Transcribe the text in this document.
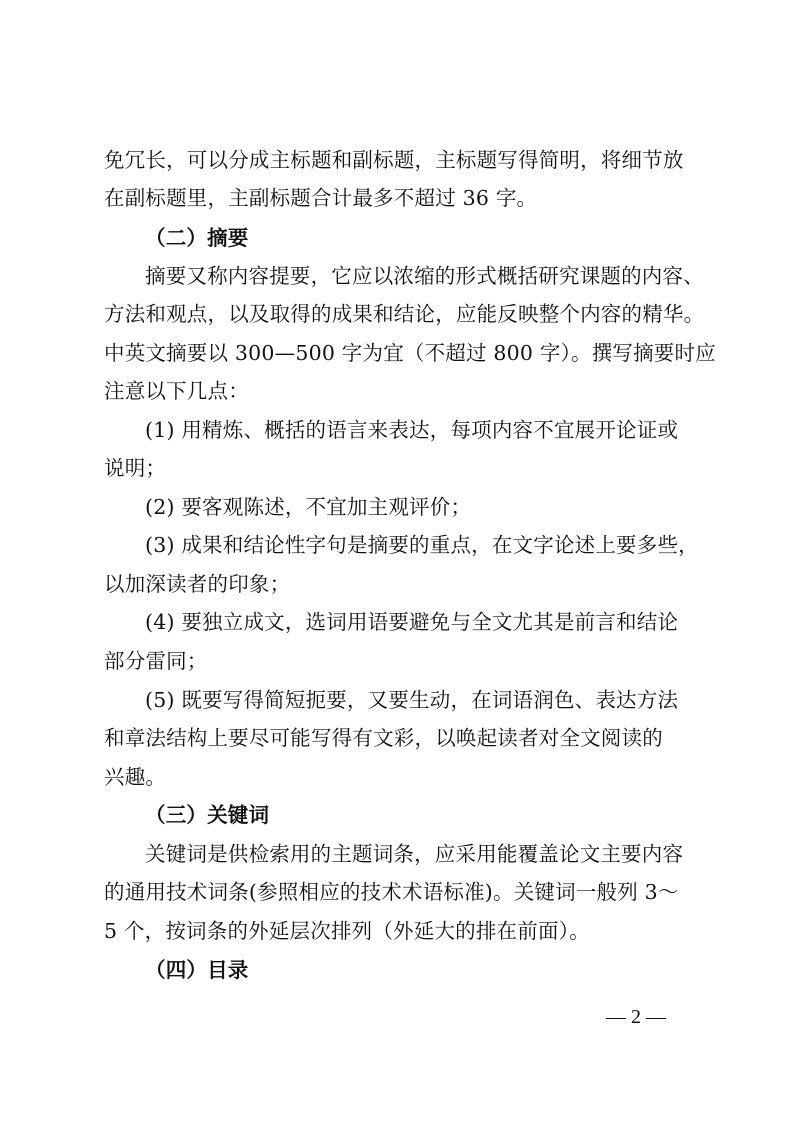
免冗长，可以分成主标题和副标题，主标题写得简明，将细节放
在副标题里，主副标题合计最多不超过 36 字。
（二）摘要
摘要又称内容提要，它应以浓缩的形式概括研究课题的内容、
方法和观点，以及取得的成果和结论，应能反映整个内容的精华。
中英文摘要以 300—500 字为宜（不超过 800 字）。撰写摘要时应
注意以下几点：
(1) 用精炼、概括的语言来表达，每项内容不宜展开论证或
说明；
(2) 要客观陈述，不宜加主观评价；
(3) 成果和结论性字句是摘要的重点，在文字论述上要多些，
以加深读者的印象；
(4) 要独立成文，选词用语要避免与全文尤其是前言和结论
部分雷同；
(5) 既要写得简短扼要，又要生动，在词语润色、表达方法
和章法结构上要尽可能写得有文彩，以唤起读者对全文阅读的
兴趣。
（三）关键词
关键词是供检索用的主题词条，应采用能覆盖论文主要内容
的通用技术词条(参照相应的技术术语标准)。关键词一般列 3～
5 个，按词条的外延层次排列（外延大的排在前面）。
（四）目录
— 2 —
